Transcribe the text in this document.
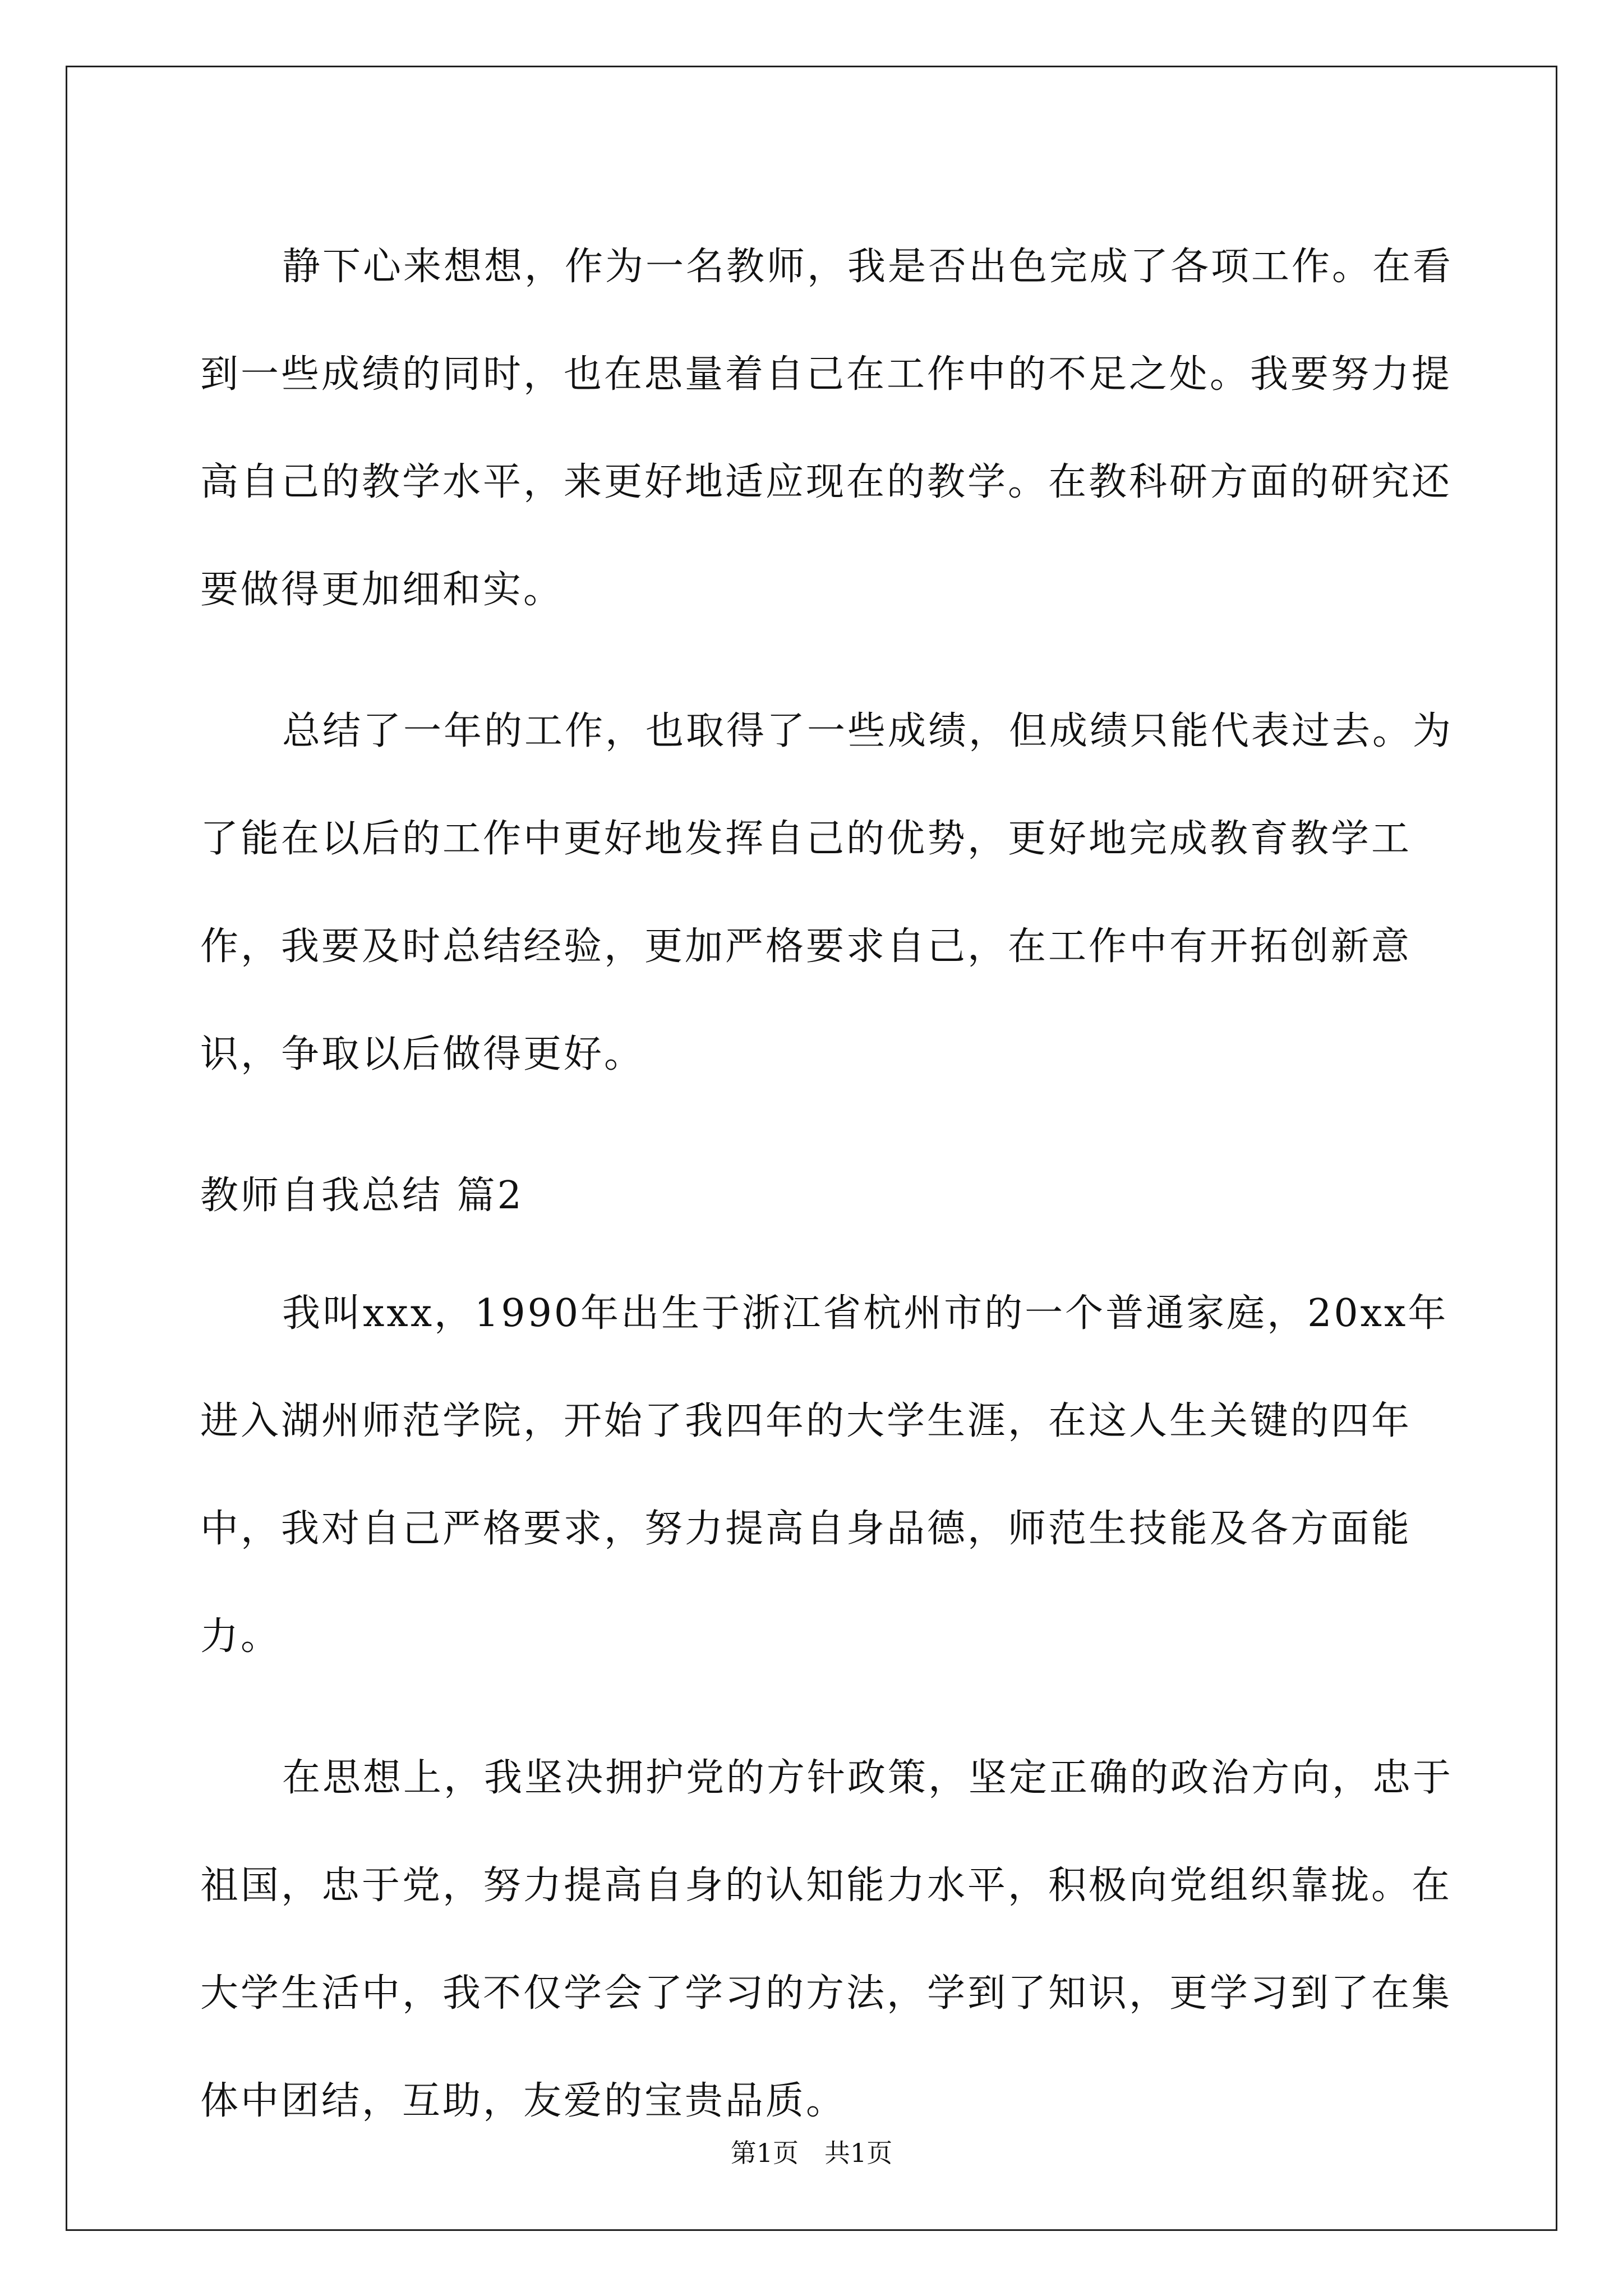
静下心来想想，作为一名教师，我是否出色完成了各项工作。在看到一些成绩的同时，也在思量着自己在工作中的不足之处。我要努力提高自己的教学水平，来更好地适应现在的教学。在教科研方面的研究还要做得更加细和实。

总结了一年的工作，也取得了一些成绩，但成绩只能代表过去。为了能在以后的工作中更好地发挥自己的优势，更好地完成教育教学工作，我要及时总结经验，更加严格要求自己，在工作中有开拓创新意识，争取以后做得更好。

教师自我总结 篇2

我叫xxx，1990年出生于浙江省杭州市的一个普通家庭，20xx年进入湖州师范学院，开始了我四年的大学生涯，在这人生关键的四年中，我对自己严格要求，努力提高自身品德，师范生技能及各方面能力。

在思想上，我坚决拥护党的方针政策，坚定正确的政治方向，忠于祖国，忠于党，努力提高自身的认知能力水平，积极向党组织靠拢。在大学生活中，我不仅学会了学习的方法，学到了知识，更学习到了在集体中团结，互助，友爱的宝贵品质。

第1页　共1页
